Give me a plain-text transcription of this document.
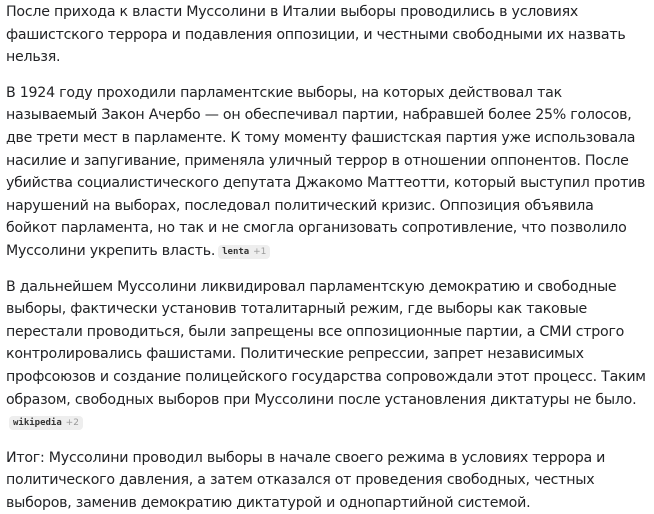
После прихода к власти Муссолини в Италии выборы проводились в условиях фашистского террора и подавления оппозиции, и честными свободными их назвать нельзя.

В 1924 году проходили парламентские выборы, на которых действовал так называемый Закон Ачербо — он обеспечивал партии, набравшей более 25% голосов, две трети мест в парламенте. К тому моменту фашистская партия уже использовала насилие и запугивание, применяла уличный террор в отношении оппонентов. После убийства социалистического депутата Джакомо Маттеотти, который выступил против нарушений на выборах, последовал политический кризис. Оппозиция объявила бойкот парламента, но так и не смогла организовать сопротивление, что позволило Муссолини укрепить власть. lenta +1

В дальнейшем Муссолини ликвидировал парламентскую демократию и свободные выборы, фактически установив тоталитарный режим, где выборы как таковые перестали проводиться, были запрещены все оппозиционные партии, а СМИ строго контролировались фашистами. Политические репрессии, запрет независимых профсоюзов и создание полицейского государства сопровождали этот процесс. Таким образом, свободных выборов при Муссолини после установления диктатуры не было.wikipedia +2

Итог: Муссолини проводил выборы в начале своего режима в условиях террора и политического давления, а затем отказался от проведения свободных, честных выборов, заменив демократию диктатурой и однопартийной системой.
